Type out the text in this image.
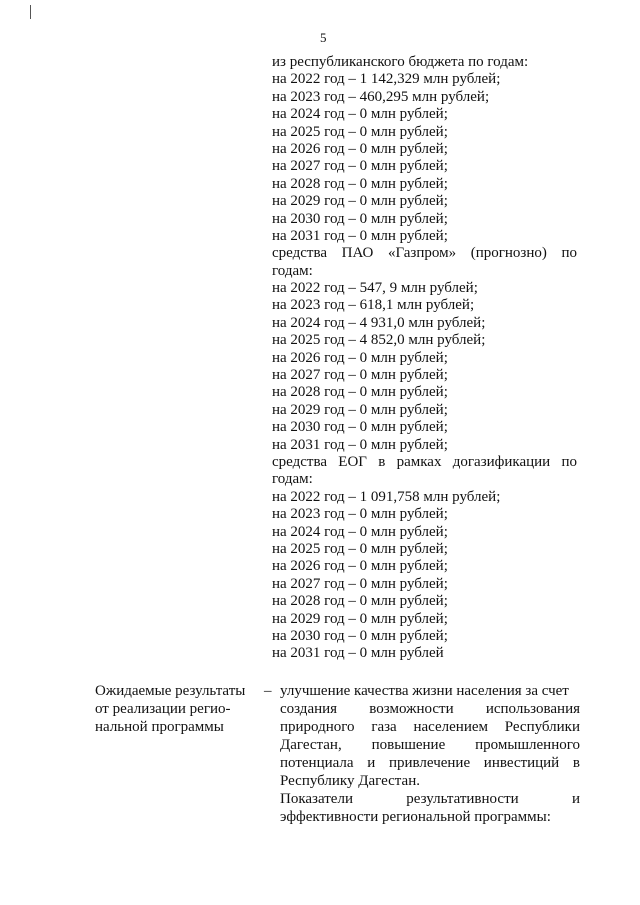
5
из республиканского бюджета по годам:
на 2022 год – 1 142,329 млн рублей;
на 2023 год – 460,295 млн рублей;
на 2024 год – 0 млн рублей;
на 2025 год – 0 млн рублей;
на 2026 год – 0 млн рублей;
на 2027 год – 0 млн рублей;
на 2028 год – 0 млн рублей;
на 2029 год – 0 млн рублей;
на 2030 год – 0 млн рублей;
на 2031 год – 0 млн рублей;
средства ПАО «Газпром» (прогнозно) по
годам:
на 2022 год – 547, 9 млн рублей;
на 2023 год – 618,1 млн рублей;
на 2024 год – 4 931,0 млн рублей;
на 2025 год – 4 852,0 млн рублей;
на 2026 год – 0 млн рублей;
на 2027 год – 0 млн рублей;
на 2028 год – 0 млн рублей;
на 2029 год – 0 млн рублей;
на 2030 год – 0 млн рублей;
на 2031 год – 0 млн рублей;
средства ЕОГ в рамках догазификации по
годам:
на 2022 год – 1 091,758 млн рублей;
на 2023 год – 0 млн рублей;
на 2024 год – 0 млн рублей;
на 2025 год – 0 млн рублей;
на 2026 год – 0 млн рублей;
на 2027 год – 0 млн рублей;
на 2028 год – 0 млн рублей;
на 2029 год – 0 млн рублей;
на 2030 год – 0 млн рублей;
на 2031 год – 0 млн рублей
Ожидаемые результаты
от реализации регио-
нальной программы
– улучшение качества жизни населения за счет
создания возможности использования
природного газа населением Республики
Дагестан, повышение промышленного
потенциала и привлечение инвестиций в
Республику Дагестан.
Показатели результативности и
эффективности региональной программы:
